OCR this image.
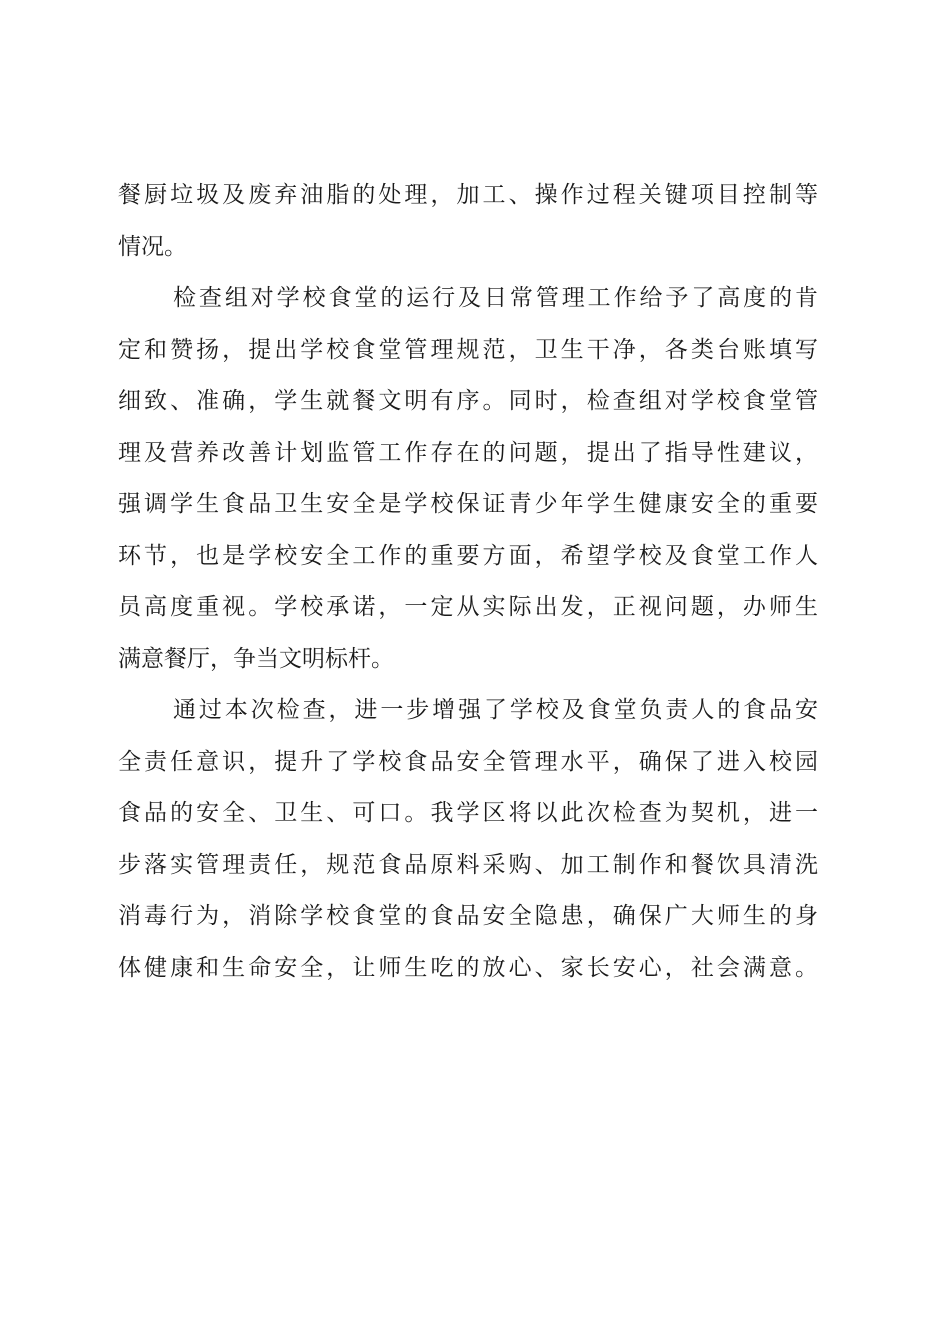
餐厨垃圾及废弃油脂的处理，加工、操作过程关键项目控制等
情况。
检查组对学校食堂的运行及日常管理工作给予了高度的肯
定和赞扬，提出学校食堂管理规范，卫生干净，各类台账填写
细致、准确，学生就餐文明有序。同时，检查组对学校食堂管
理及营养改善计划监管工作存在的问题，提出了指导性建议，
强调学生食品卫生安全是学校保证青少年学生健康安全的重要
环节，也是学校安全工作的重要方面，希望学校及食堂工作人
员高度重视。学校承诺，一定从实际出发，正视问题，办师生
满意餐厅，争当文明标杆。
通过本次检查，进一步增强了学校及食堂负责人的食品安
全责任意识，提升了学校食品安全管理水平，确保了进入校园
食品的安全、卫生、可口。我学区将以此次检查为契机，进一
步落实管理责任，规范食品原料采购、加工制作和餐饮具清洗
消毒行为，消除学校食堂的食品安全隐患，确保广大师生的身
体健康和生命安全，让师生吃的放心、家长安心，社会满意。
